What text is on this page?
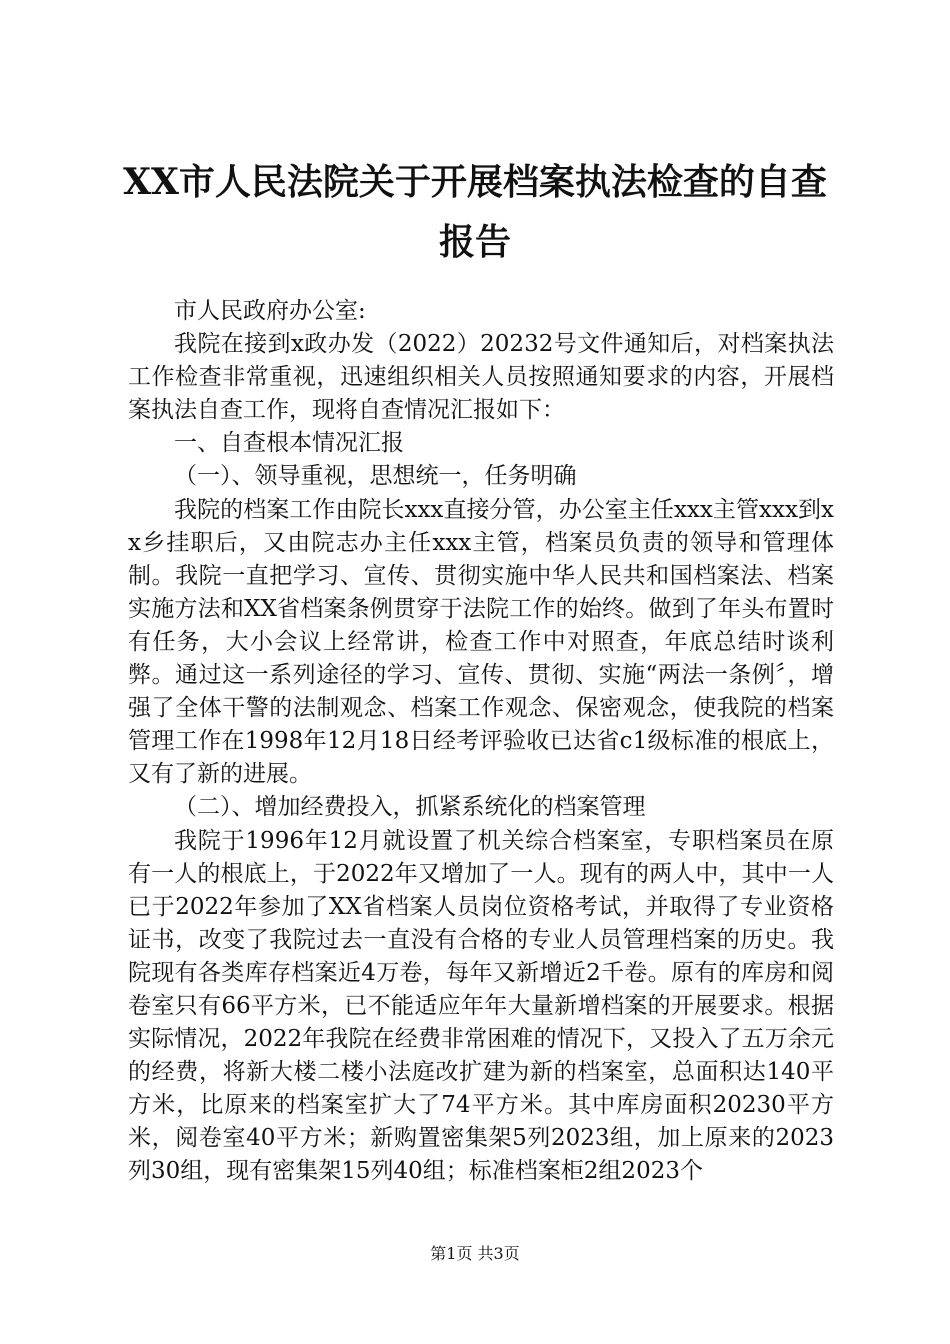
XX市人民法院关于开展档案执法检查的自查
报告

市人民政府办公室:

我院在接到x政办发（2022）20232号文件通知后，对档案执法工作检查非常重视，迅速组织相关人员按照通知要求的内容，开展档案执法自查工作，现将自查情况汇报如下：

一、自查根本情况汇报

（一）、领导重视，思想统一，任务明确

我院的档案工作由院长xxx直接分管，办公室主任xxx主管xxx到xx乡挂职后，又由院志办主任xxx主管，档案员负责的领导和管理体制。我院一直把学习、宣传、贯彻实施中华人民共和国档案法、档案实施方法和XX省档案条例贯穿于法院工作的始终。做到了年头布置时有任务，大小会议上经常讲，检查工作中对照查，年底总结时谈利弊。通过这一系列途径的学习、宣传、贯彻、实施“两法一条例〞，增强了全体干警的法制观念、档案工作观念、保密观念，使我院的档案管理工作在1998年12月18日经考评验收已达省c1级标准的根底上，又有了新的进展。

（二）、增加经费投入，抓紧系统化的档案管理

我院于1996年12月就设置了机关综合档案室，专职档案员在原有一人的根底上，于2022年又增加了一人。现有的两人中，其中一人已于2022年参加了XX省档案人员岗位资格考试，并取得了专业资格证书，改变了我院过去一直没有合格的专业人员管理档案的历史。我院现有各类库存档案近4万卷，每年又新增近2千卷。原有的库房和阅卷室只有66平方米，已不能适应年年大量新增档案的开展要求。根据实际情况，2022年我院在经费非常困难的情况下，又投入了五万余元的经费，将新大楼二楼小法庭改扩建为新的档案室，总面积达140平方米，比原来的档案室扩大了74平方米。其中库房面积20230平方米，阅卷室40平方米；新购置密集架5列2023组，加上原来的2023列30组，现有密集架15列40组；标准档案柜2组2023个

第1页 共3页
